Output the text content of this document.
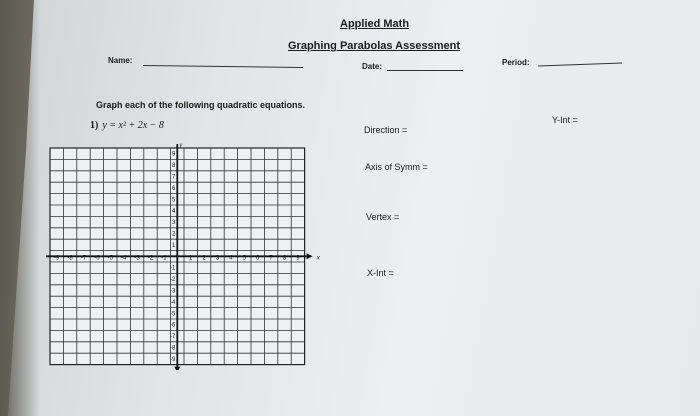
Applied Math
Graphing Parabolas Assessment
Name:
Date:	Period:
Graph each of the following quadratic equations.
1) y = x² + 2x − 8	Direction =
Axis of Symm =
Vertex =
X-Int =
Y-Int =
x
y
-9 -8 -7 -6 -5 -4 -3 -2 -1	1 2 3 4 5 6 7 8 9
9
8
7
6
5
4
3
2
1
-1
-2
-3
-4
-5
-6
-7
-8
-9
